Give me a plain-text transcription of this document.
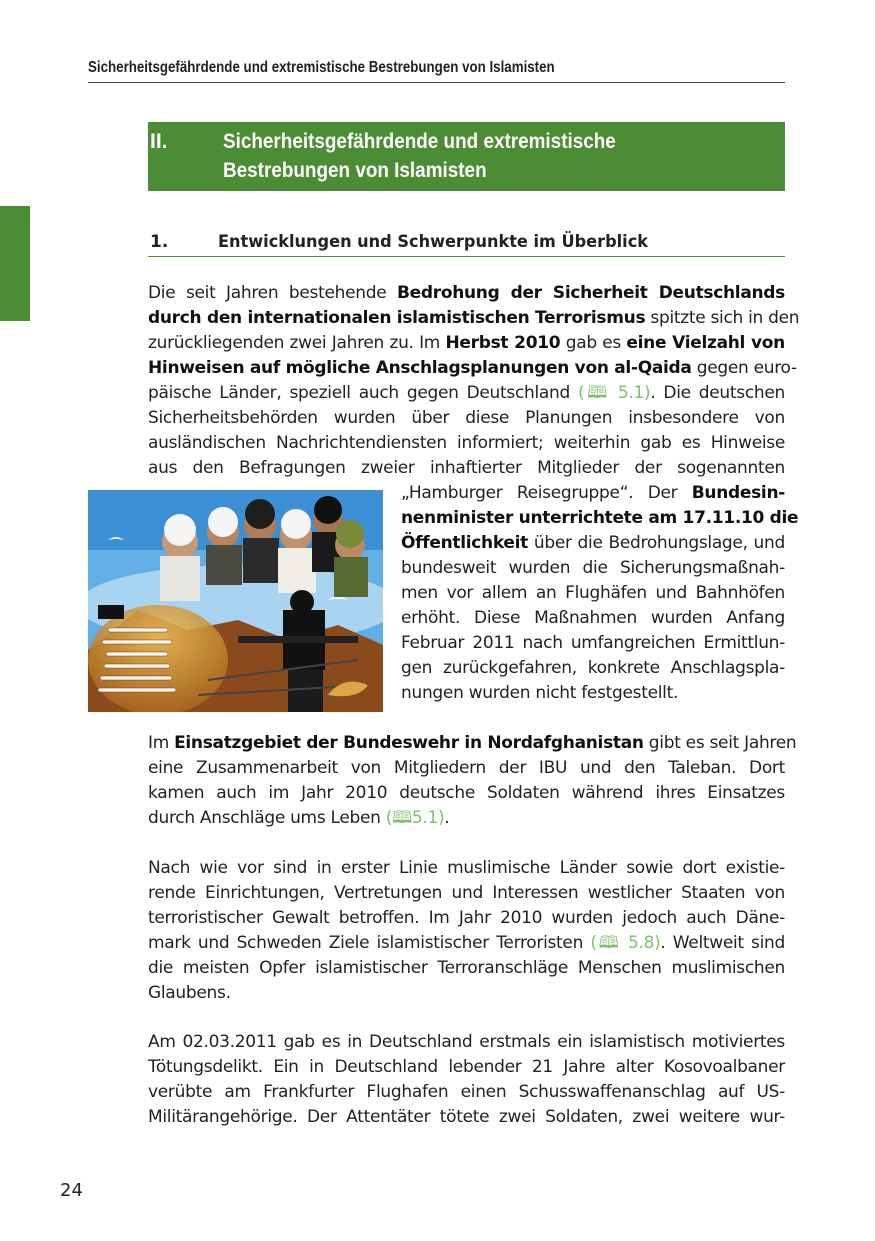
Sicherheitsgefährdende und extremistische Bestrebungen von Islamisten
II.	Sicherheitsgefährdende und extremistische
Bestrebungen von Islamisten
1.	Entwicklungen und Schwerpunkte im Überblick
Die seit Jahren bestehende Bedrohung der Sicherheit Deutschlands
durch den internationalen islamistischen Terrorismus spitzte sich in den
zurückliegenden zwei Jahren zu. Im Herbst 2010 gab es eine Vielzahl von
Hinweisen auf mögliche Anschlagsplanungen von al-Qaida gegen euro-
päische Länder, speziell auch gegen Deutschland (🕮 5.1). Die deutschen
Sicherheitsbehörden wurden über diese Planungen insbesondere von
ausländischen Nachrichtendiensten informiert; weiterhin gab es Hinweise
aus den Befragungen zweier inhaftierter Mitglieder der sogenannten
„Hamburger Reisegruppe“. Der Bundesin-
nenminister unterrichtete am 17.11.10 die
Öffentlichkeit über die Bedrohungslage, und
bundesweit wurden die Sicherungsmaßnah-
men vor allem an Flughäfen und Bahnhöfen
erhöht. Diese Maßnahmen wurden Anfang
Februar 2011 nach umfangreichen Ermittlun-
gen zurückgefahren, konkrete Anschlagspla-
nungen wurden nicht festgestellt.
Im Einsatzgebiet der Bundeswehr in Nordafghanistan gibt es seit Jahren
eine Zusammenarbeit von Mitgliedern der IBU und den Taleban. Dort
kamen auch im Jahr 2010 deutsche Soldaten während ihres Einsatzes
durch Anschläge ums Leben (🕮5.1).
Nach wie vor sind in erster Linie muslimische Länder sowie dort existie-
rende Einrichtungen, Vertretungen und Interessen westlicher Staaten von
terroristischer Gewalt betroffen. Im Jahr 2010 wurden jedoch auch Däne-
mark und Schweden Ziele islamistischer Terroristen (🕮 5.8). Weltweit sind
die meisten Opfer islamistischer Terroranschläge Menschen muslimischen
Glaubens.
Am 02.03.2011 gab es in Deutschland erstmals ein islamistisch motiviertes
Tötungsdelikt. Ein in Deutschland lebender 21 Jahre alter Kosovoalbaner
verübte am Frankfurter Flughafen einen Schusswaffenanschlag auf US-
Militärangehörige. Der Attentäter tötete zwei Soldaten, zwei weitere wur-
24
